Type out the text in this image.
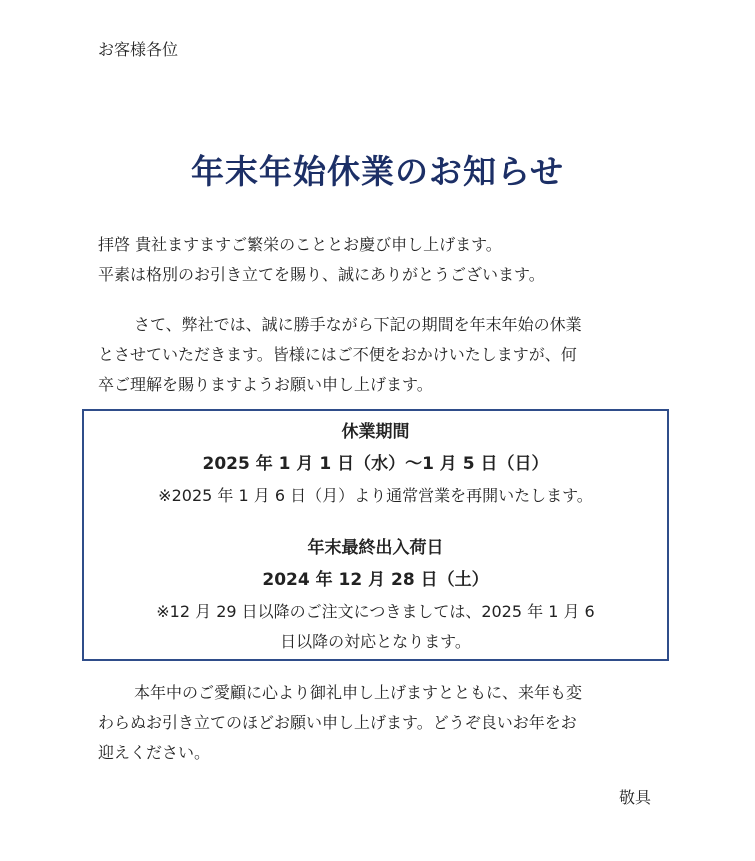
お客様各位
年末年始休業のお知らせ

拝啓 貴社ますますご繁栄のこととお慶び申し上げます。
平素は格別のお引き立てを賜り、誠にありがとうございます。

さて、弊社では、誠に勝手ながら下記の期間を年末年始の休業
とさせていただきます。皆様にはご不便をおかけいたしますが、何
卒ご理解を賜りますようお願い申し上げます。

休業期間
2025 年 1 月 1 日（水）〜1 月 5 日（日）
※2025 年 1 月 6 日（月）より通常営業を再開いたします。
年末最終出入荷日
2024 年 12 月 28 日（土）
※12 月 29 日以降のご注文につきましては、2025 年 1 月 6
日以降の対応となります。

本年中のご愛顧に心より御礼申し上げますとともに、来年も変
わらぬお引き立てのほどお願い申し上げます。どうぞ良いお年をお
迎えください。

敬具
